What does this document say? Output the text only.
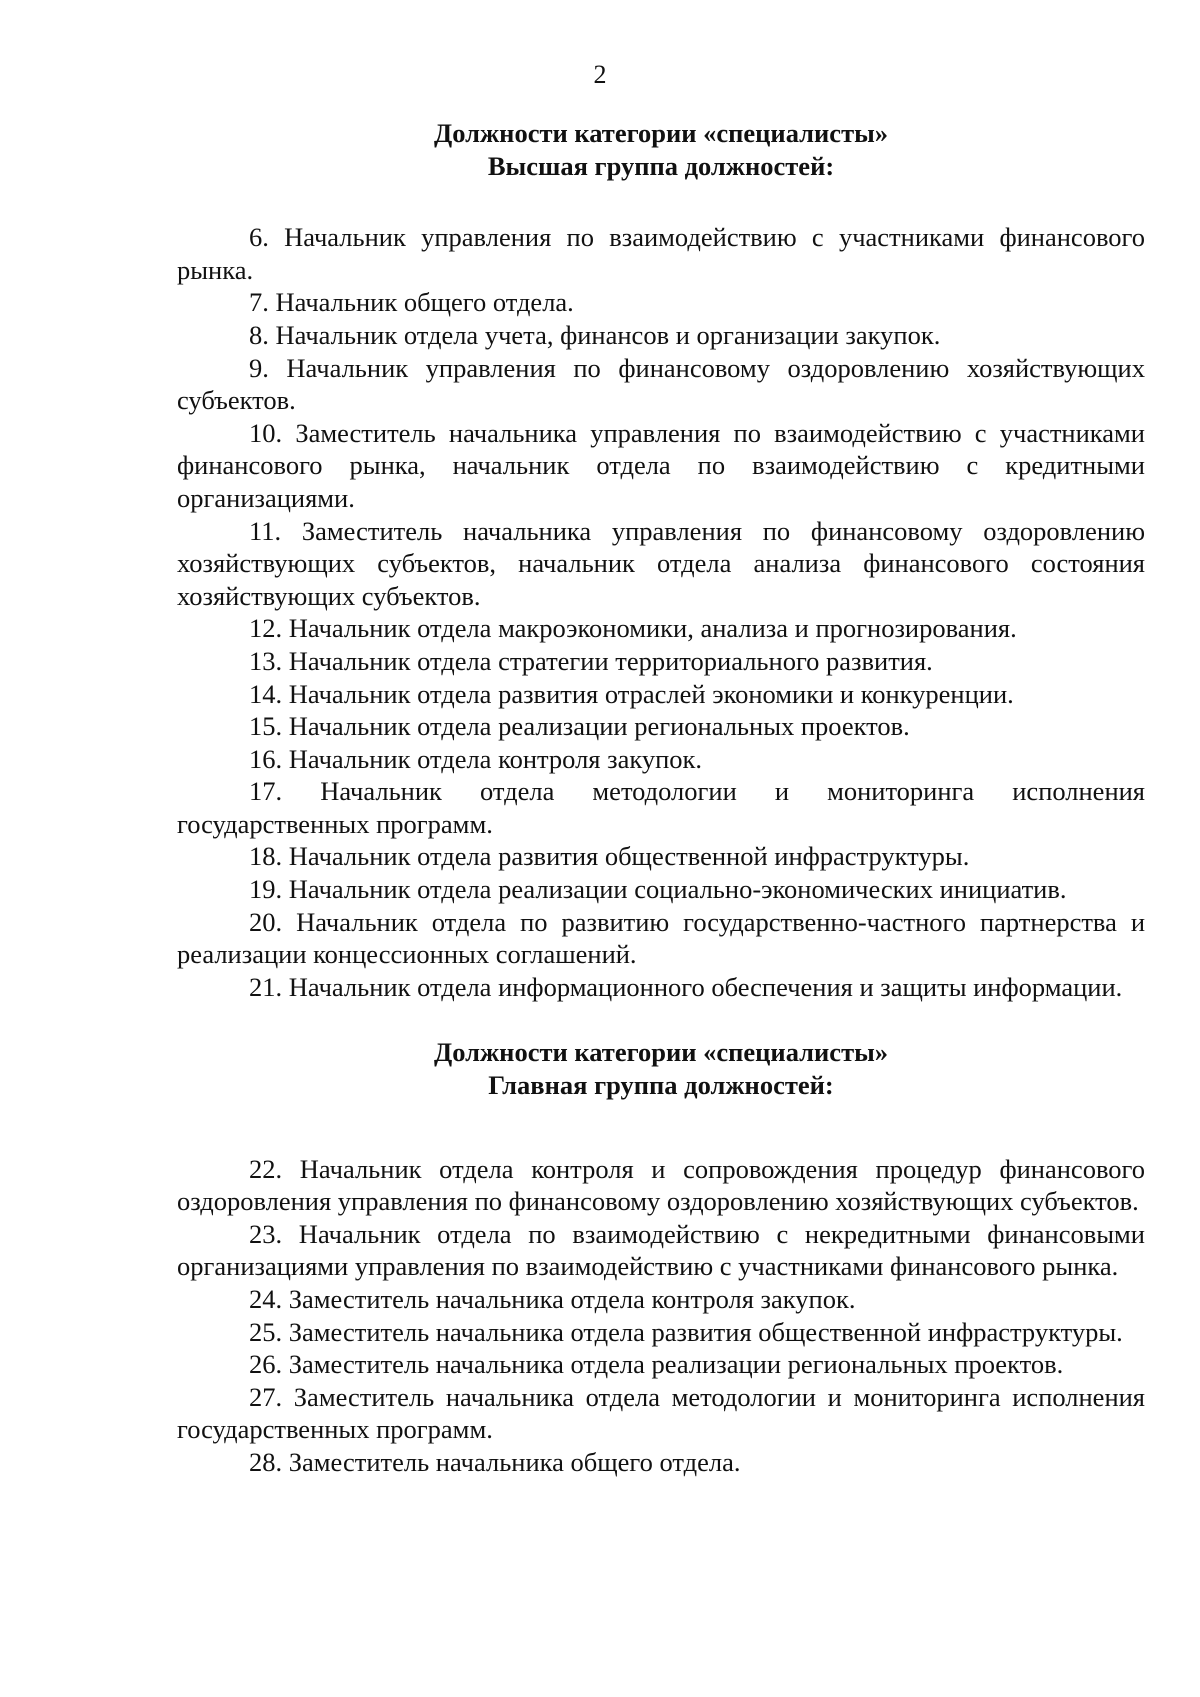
2
Должности категории «специалисты»
Высшая группа должностей:
6. Начальник управления по взаимодействию с участниками финансового рынка.
7. Начальник общего отдела.
8. Начальник отдела учета, финансов и организации закупок.
9. Начальник управления по финансовому оздоровлению хозяйствующих субъектов.
10. Заместитель начальника управления по взаимодействию с участниками финансового рынка, начальник отдела по взаимодействию с кредитными организациями.
11. Заместитель начальника управления по финансовому оздоровлению хозяйствующих субъектов, начальник отдела анализа финансового состояния хозяйствующих субъектов.
12. Начальник отдела макроэкономики, анализа и прогнозирования.
13. Начальник отдела стратегии территориального развития.
14. Начальник отдела развития отраслей экономики и конкуренции.
15. Начальник отдела реализации региональных проектов.
16. Начальник отдела контроля закупок.
17. Начальник отдела методологии и мониторинга исполнения государственных программ.
18. Начальник отдела развития общественной инфраструктуры.
19. Начальник отдела реализации социально-экономических инициатив.
20. Начальник отдела по развитию государственно-частного партнерства и реализации концессионных соглашений.
21. Начальник отдела информационного обеспечения и защиты информации.
Должности категории «специалисты»
Главная группа должностей:
22. Начальник отдела контроля и сопровождения процедур финансового оздоровления управления по финансовому оздоровлению хозяйствующих субъектов.
23. Начальник отдела по взаимодействию с некредитными финансовыми организациями управления по взаимодействию с участниками финансового рынка.
24. Заместитель начальника отдела контроля закупок.
25. Заместитель начальника отдела развития общественной инфраструктуры.
26. Заместитель начальника отдела реализации региональных проектов.
27. Заместитель начальника отдела методологии и мониторинга исполнения государственных программ.
28. Заместитель начальника общего отдела.
